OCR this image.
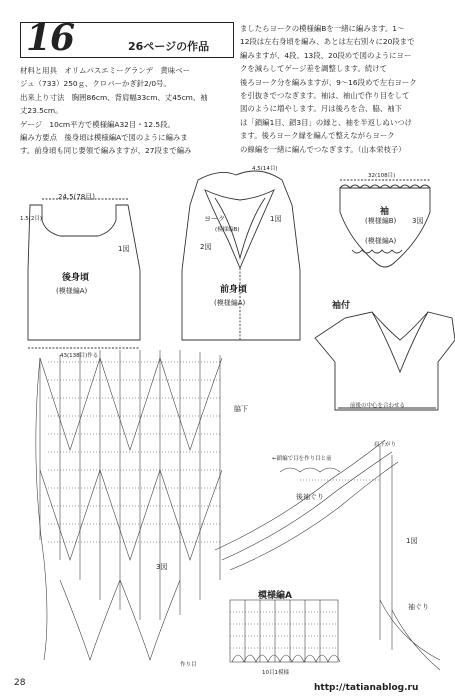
16	26ページの作品
材料と用具　オリムパスエミーグランデ　黄味ベー
ジュ（733）250ｇ、クロバーかぎ針2/0号。
出来上り寸法　胸囲86cm、背肩幅33cm、丈45cm、袖
丈23.5cm。
ゲージ　10cm平方で模様編A32目・12.5段。
編み方要点　後身頃は模様編Aで図のように編みま
す。前身頃も同じ要領で編みますが、27段まで編み
ましたらヨークの模様編Bを一緒に編みます。1〜
12段は左右身頃を編み、あとは左右別々に20段まで
編みますが、4段、13段、20段めで図のようにヨー
クを減らしてゲージ差を調整します。続けて
後ろヨーク分を編みますが、9〜16段めで左右ヨーク
を引抜きでつなぎます。袖は、袖山で作り目をして
図のように増やします。月は後ろを合、脇、袖下
は「鎖編1目、鎖3目」の縁と、袖を半返しぬいつけ
ます。後ろヨーク縁を編んで整えながらヨーク
の線編を一緒に編んでつなぎます。（山本栄枝子）
24.5(78目)
1.5(2目)
1図
後身頃
(模様編A)
43(138目)作る
4.5(14目)
ヨーク
(模様編B)
1図
2図
前身頃
(模様編A)
32(108目)
袖
(模様編B) 3図
(模様編A)
袖付
前後の中心を合わせる
脇下
←鎖編で目を作り目と前
後袖ぐり
肩下がり
1図
3図
袖ぐり
模様編A
10目1模様
作り目
28	http://tatianablog.ru
